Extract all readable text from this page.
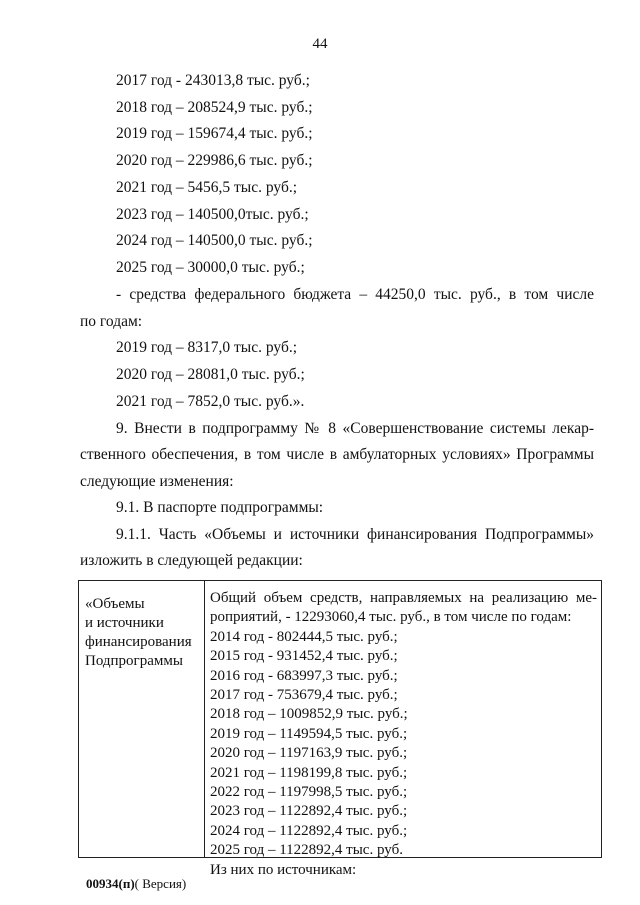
44
2017 год - 243013,8 тыс. руб.;
2018 год – 208524,9 тыс. руб.;
2019 год – 159674,4 тыс. руб.;
2020 год – 229986,6 тыс. руб.;
2021 год – 5456,5 тыс. руб.;
2023 год – 140500,0тыс. руб.;
2024 год – 140500,0 тыс. руб.;
2025 год – 30000,0 тыс. руб.;
- средства федерального бюджета – 44250,0 тыс. руб., в том числе
по годам:
2019 год – 8317,0 тыс. руб.;
2020 год – 28081,0 тыс. руб.;
2021 год – 7852,0 тыс. руб.».
9. Внести в подпрограмму № 8 «Совершенствование системы лекар-
ственного обеспечения, в том числе в амбулаторных условиях» Программы
следующие изменения:
9.1. В паспорте подпрограммы:
9.1.1. Часть «Объемы и источники финансирования Подпрограммы»
изложить в следующей редакции:
«Объемы
и источники
финансирования
Подпрограммы
Общий объем средств, направляемых на реализацию ме-
роприятий, - 12293060,4 тыс. руб., в том числе по годам:
2014 год - 802444,5 тыс. руб.;
2015 год - 931452,4 тыс. руб.;
2016 год - 683997,3 тыс. руб.;
2017 год - 753679,4 тыс. руб.;
2018 год – 1009852,9 тыс. руб.;
2019 год – 1149594,5 тыс. руб.;
2020 год – 1197163,9 тыс. руб.;
2021 год – 1198199,8 тыс. руб.;
2022 год – 1197998,5 тыс. руб.;
2023 год – 1122892,4 тыс. руб.;
2024 год – 1122892,4 тыс. руб.;
2025 год – 1122892,4 тыс. руб.
Из них по источникам:
00934(п)( Версия)
